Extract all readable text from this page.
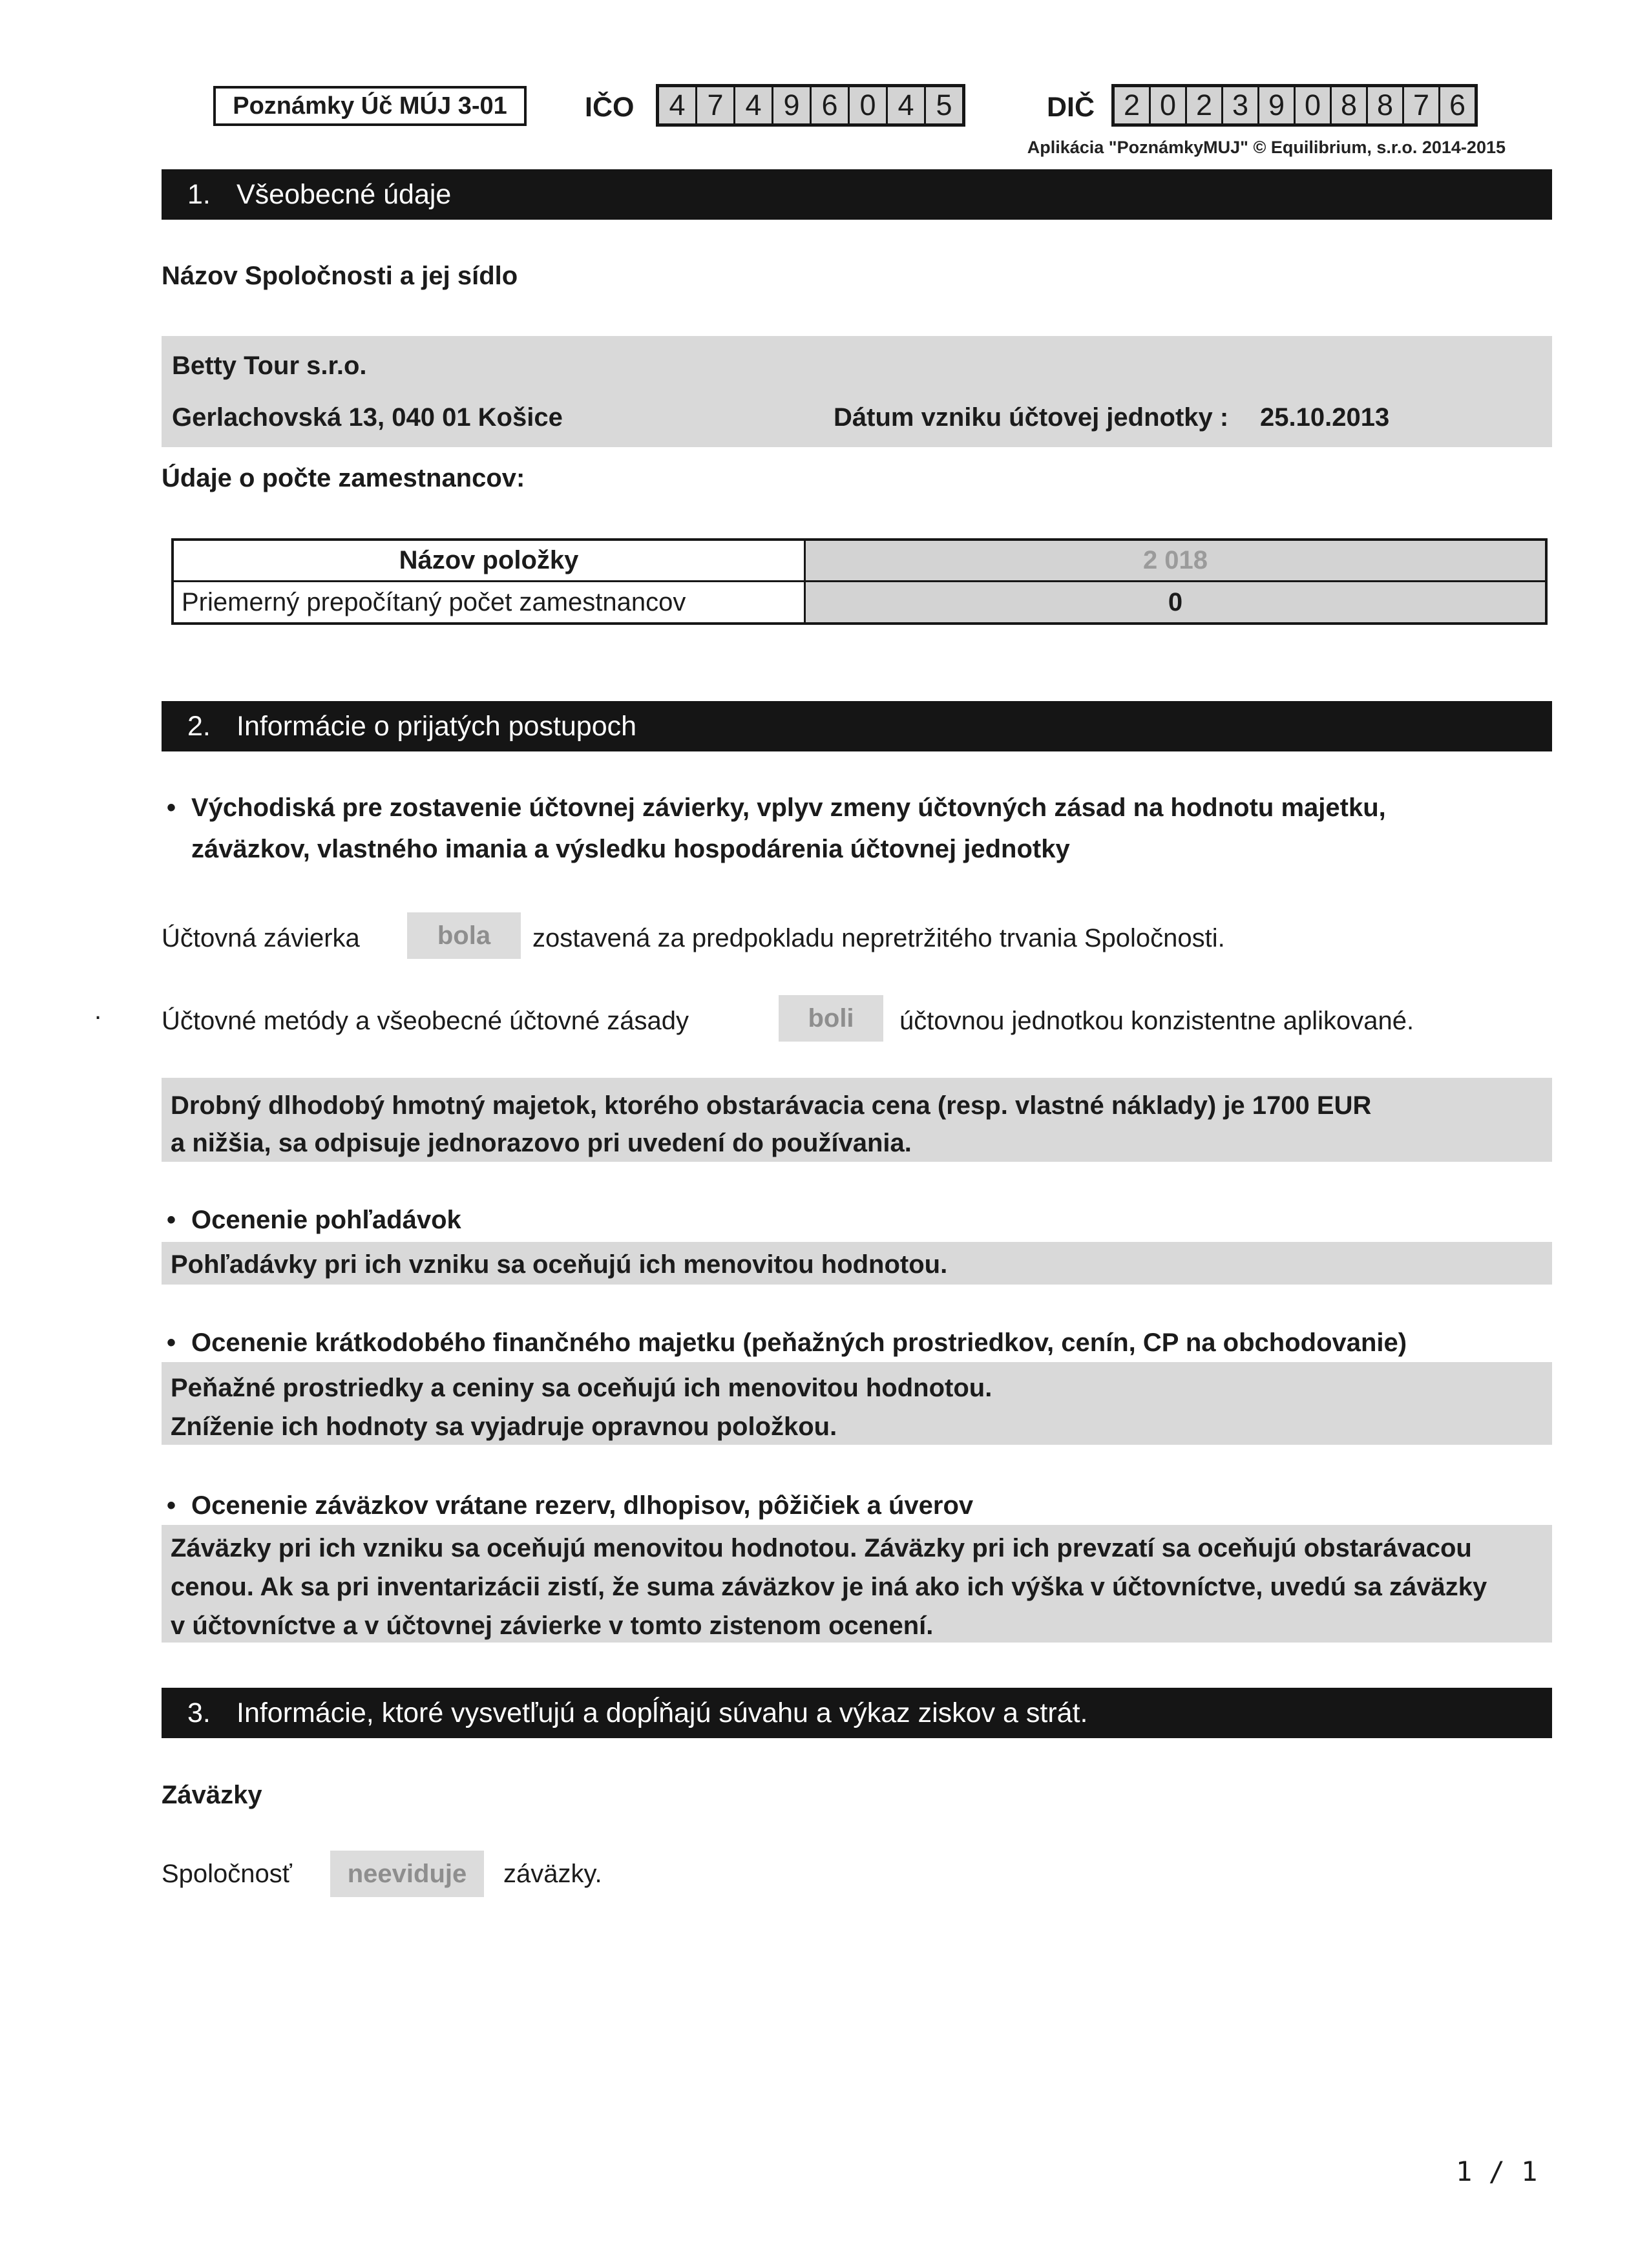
Poznámky Úč MÚJ 3-01	IČO	4 7 4 9 6 0 4 5	DIČ 2 0 2 3 9 0 8 8 7 6
Aplikácia "PoznámkyMUJ" © Equilibrium, s.r.o. 2014-2015
1. Všeobecné údaje
Názov Spoločnosti a jej sídlo
Betty Tour s.r.o.
Gerlachovská 13, 040 01 Košice	Dátum vzniku účtovej jednotky : 25.10.2013
Údaje o počte zamestnancov:
Názov položky	2 018
Priemerný prepočítaný počet zamestnancov	0
2. Informácie o prijatých postupoch
• Východiská pre zostavenie účtovnej závierky, vplyv zmeny účtovných zásad na hodnotu majetku,
záväzkov, vlastného imania a výsledku hospodárenia účtovnej jednotky
Účtovná závierka	bola	zostavená za predpokladu nepretržitého trvania Spoločnosti.
. Účtovné metódy a všeobecné účtovné zásady	boli	účtovnou jednotkou konzistentne aplikované.
Drobný dlhodobý hmotný majetok, ktorého obstarávacia cena (resp. vlastné náklady) je 1700 EUR
a nižšia, sa odpisuje jednorazovo pri uvedení do používania.
• Ocenenie pohľadávok
Pohľadávky pri ich vzniku sa oceňujú ich menovitou hodnotou.
• Ocenenie krátkodobého finančného majetku (peňažných prostriedkov, cenín, CP na obchodovanie)
Peňažné prostriedky a ceniny sa oceňujú ich menovitou hodnotou.
Zníženie ich hodnoty sa vyjadruje opravnou položkou.
• Ocenenie záväzkov vrátane rezerv, dlhopisov, pôžičiek a úverov
Záväzky pri ich vzniku sa oceňujú menovitou hodnotou. Záväzky pri ich prevzatí sa oceňujú obstarávacou
cenou. Ak sa pri inventarizácii zistí, že suma záväzkov je iná ako ich výška v účtovníctve, uvedú sa záväzky
v účtovníctve a v účtovnej závierke v tomto zistenom ocenení.
3. Informácie, ktoré vysvetľujú a dopĺňajú súvahu a výkaz ziskov a strát.
Záväzky
Spoločnosť	neeviduje	záväzky.
1 / 1
